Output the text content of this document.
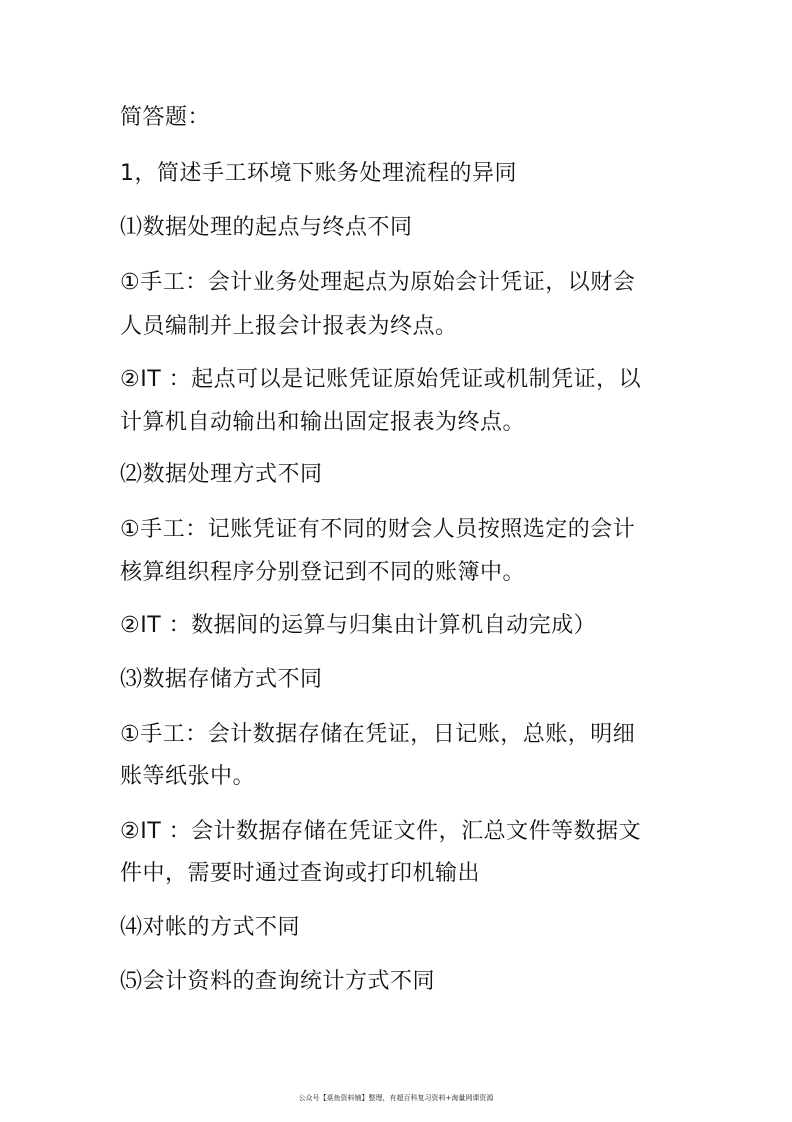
简答题：
1，简述手工环境下账务处理流程的异同
⑴数据处理的起点与终点不同
①手工：会计业务处理起点为原始会计凭证，以财会
人员编制并上报会计报表为终点。
②IT ：起点可以是记账凭证原始凭证或机制凭证，以
计算机自动输出和输出固定报表为终点。
⑵数据处理方式不同
①手工：记账凭证有不同的财会人员按照选定的会计
核算组织程序分别登记到不同的账簿中。
②IT ：数据间的运算与归集由计算机自动完成）
⑶数据存储方式不同
①手工：会计数据存储在凭证，日记账，总账，明细
账等纸张中。
②IT ：会计数据存储在凭证文件，汇总文件等数据文
件中，需要时通过查询或打印机输出
⑷对帐的方式不同
⑸会计资料的查询统计方式不同
公众号【桌鱼资料铺】整理，有超百科复习资料+海量网课资源
